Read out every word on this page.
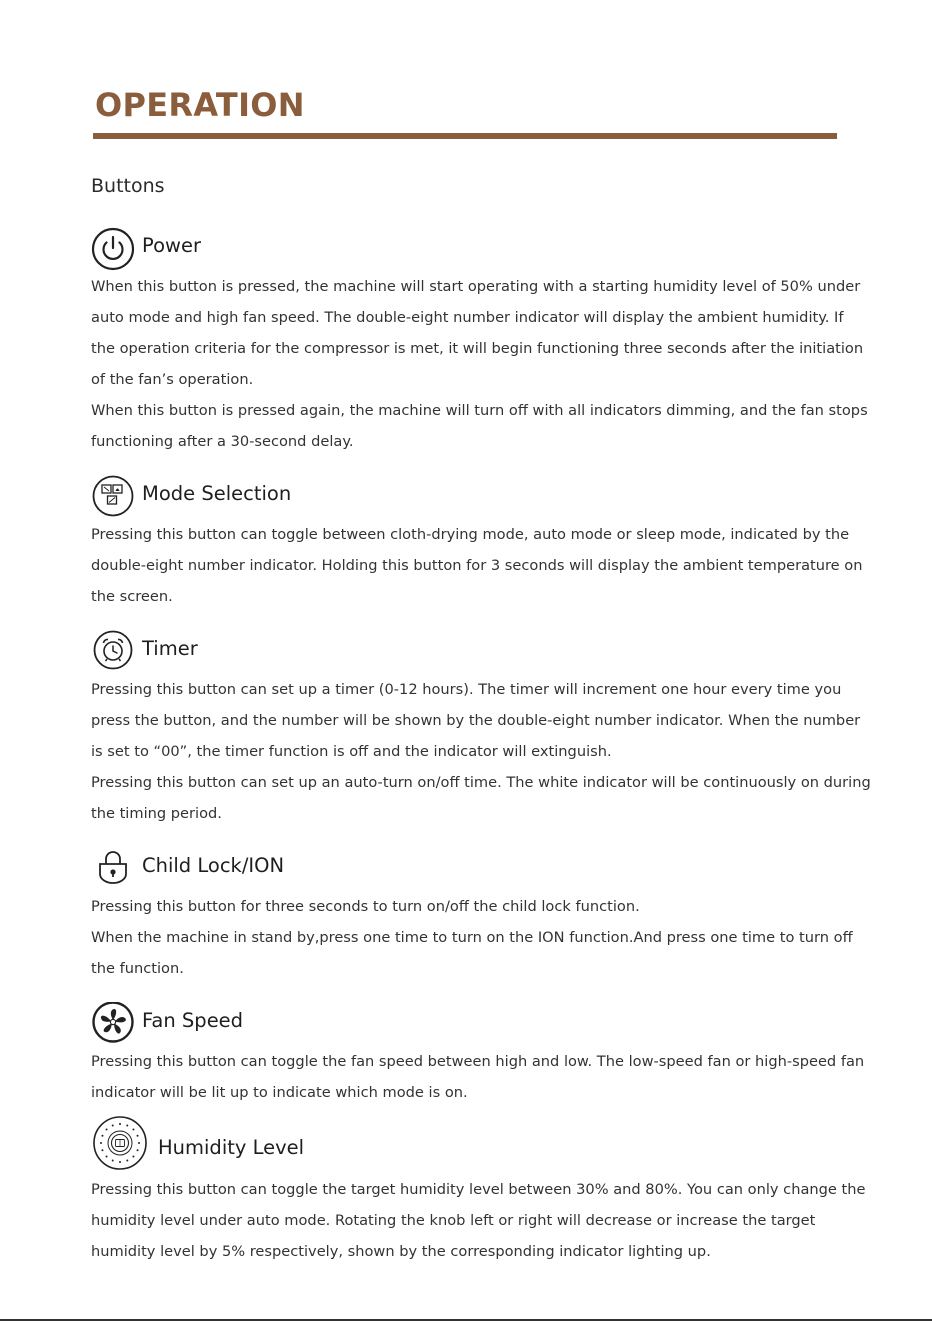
OPERATION
Buttons
Power

When this button is pressed, the machine will start operating with a starting humidity level of 50% under auto mode and high fan speed. The double-eight number indicator will display the ambient humidity. If the operation criteria for the compressor is met, it will begin functioning three seconds after the initiation of the fan’s operation.

When this button is pressed again, the machine will turn off with all indicators dimming, and the fan stops functioning after a 30-second delay.

Mode Selection

Pressing this button can toggle between cloth-drying mode, auto mode or sleep mode, indicated by the double-eight number indicator. Holding this button for 3 seconds will display the ambient temperature on the screen.

Timer

Pressing this button can set up a timer (0-12 hours). The timer will increment one hour every time you press the button, and the number will be shown by the double-eight number indicator. When the number is set to “00”, the timer function is off and the indicator will extinguish.

Pressing this button can set up an auto-turn on/off time. The white indicator will be continuously on during the timing period.

Child Lock/ION

Pressing this button for three seconds to turn on/off the child lock function.

When the machine in stand by,press one time to turn on the ION function.And press one time to turn off the function.

Fan Speed

Pressing this button can toggle the fan speed between high and low. The low-speed fan or high-speed fan indicator will be lit up to indicate which mode is on.

Humidity Level

Pressing this button can toggle the target humidity level between 30% and 80%. You can only change the humidity level under auto mode. Rotating the knob left or right will decrease or increase the target humidity level by 5% respectively, shown by the corresponding indicator lighting up.
